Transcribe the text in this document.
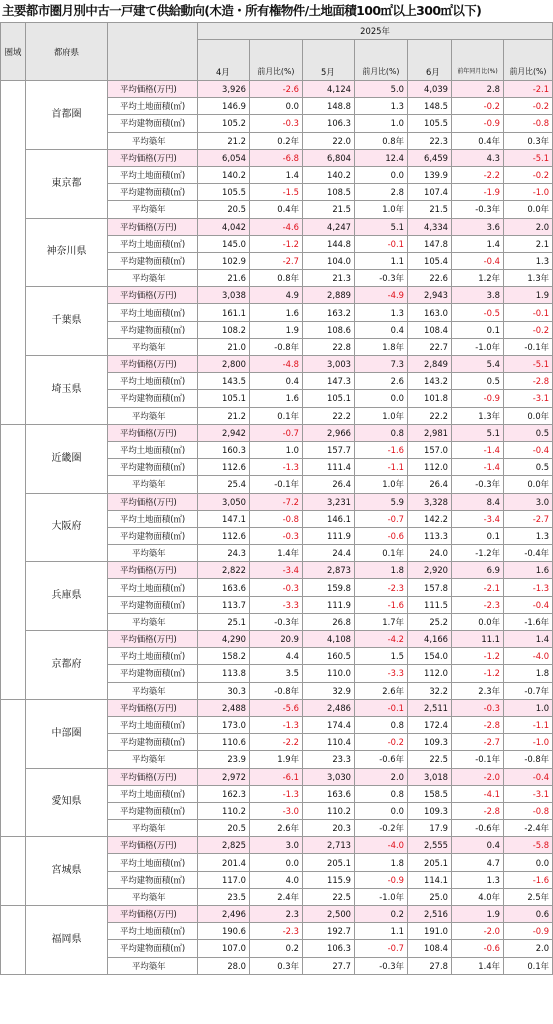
主要都市圏月別中古一戸建て供給動向(木造・所有権物件/土地面積100㎡以上300㎡以下)
圏域	都府県		2025年						
			4月	前月比(%)	5月	前月比(%)	6月	前年同月比(%)	前月比(%)
	首都圏	平均価格(万円)	3,926	-2.6	4,124	5.0	4,039	2.8	-2.1
		平均土地面積(㎡)	146.9	0.0	148.8	1.3	148.5	-0.2	-0.2
		平均建物面積(㎡)	105.2	-0.3	106.3	1.0	105.5	-0.9	-0.8
		平均築年	21.2	0.2年	22.0	0.8年	22.3	0.4年	0.3年
	東京都	平均価格(万円)	6,054	-6.8	6,804	12.4	6,459	4.3	-5.1
		平均土地面積(㎡)	140.2	1.4	140.2	0.0	139.9	-2.2	-0.2
		平均建物面積(㎡)	105.5	-1.5	108.5	2.8	107.4	-1.9	-1.0
		平均築年	20.5	0.4年	21.5	1.0年	21.5	-0.3年	0.0年
	神奈川県	平均価格(万円)	4,042	-4.6	4,247	5.1	4,334	3.6	2.0
		平均土地面積(㎡)	145.0	-1.2	144.8	-0.1	147.8	1.4	2.1
		平均建物面積(㎡)	102.9	-2.7	104.0	1.1	105.4	-0.4	1.3
		平均築年	21.6	0.8年	21.3	-0.3年	22.6	1.2年	1.3年
	千葉県	平均価格(万円)	3,038	4.9	2,889	-4.9	2,943	3.8	1.9
		平均土地面積(㎡)	161.1	1.6	163.2	1.3	163.0	-0.5	-0.1
		平均建物面積(㎡)	108.2	1.9	108.6	0.4	108.4	0.1	-0.2
		平均築年	21.0	-0.8年	22.8	1.8年	22.7	-1.0年	-0.1年
	埼玉県	平均価格(万円)	2,800	-4.8	3,003	7.3	2,849	5.4	-5.1
		平均土地面積(㎡)	143.5	0.4	147.3	2.6	143.2	0.5	-2.8
		平均建物面積(㎡)	105.1	1.6	105.1	0.0	101.8	-0.9	-3.1
		平均築年	21.2	0.1年	22.2	1.0年	22.2	1.3年	0.0年
	近畿圏	平均価格(万円)	2,942	-0.7	2,966	0.8	2,981	5.1	0.5
		平均土地面積(㎡)	160.3	1.0	157.7	-1.6	157.0	-1.4	-0.4
		平均建物面積(㎡)	112.6	-1.3	111.4	-1.1	112.0	-1.4	0.5
		平均築年	25.4	-0.1年	26.4	1.0年	26.4	-0.3年	0.0年
	大阪府	平均価格(万円)	3,050	-7.2	3,231	5.9	3,328	8.4	3.0
		平均土地面積(㎡)	147.1	-0.8	146.1	-0.7	142.2	-3.4	-2.7
		平均建物面積(㎡)	112.6	-0.3	111.9	-0.6	113.3	0.1	1.3
		平均築年	24.3	1.4年	24.4	0.1年	24.0	-1.2年	-0.4年
	兵庫県	平均価格(万円)	2,822	-3.4	2,873	1.8	2,920	6.9	1.6
		平均土地面積(㎡)	163.6	-0.3	159.8	-2.3	157.8	-2.1	-1.3
		平均建物面積(㎡)	113.7	-3.3	111.9	-1.6	111.5	-2.3	-0.4
		平均築年	25.1	-0.3年	26.8	1.7年	25.2	0.0年	-1.6年
	京都府	平均価格(万円)	4,290	20.9	4,108	-4.2	4,166	11.1	1.4
		平均土地面積(㎡)	158.2	4.4	160.5	1.5	154.0	-1.2	-4.0
		平均建物面積(㎡)	113.8	3.5	110.0	-3.3	112.0	-1.2	1.8
		平均築年	30.3	-0.8年	32.9	2.6年	32.2	2.3年	-0.7年
	中部圏	平均価格(万円)	2,488	-5.6	2,486	-0.1	2,511	-0.3	1.0
		平均土地面積(㎡)	173.0	-1.3	174.4	0.8	172.4	-2.8	-1.1
		平均建物面積(㎡)	110.6	-2.2	110.4	-0.2	109.3	-2.7	-1.0
		平均築年	23.9	1.9年	23.3	-0.6年	22.5	-0.1年	-0.8年
	愛知県	平均価格(万円)	2,972	-6.1	3,030	2.0	3,018	-2.0	-0.4
		平均土地面積(㎡)	162.3	-1.3	163.6	0.8	158.5	-4.1	-3.1
		平均建物面積(㎡)	110.2	-3.0	110.2	0.0	109.3	-2.8	-0.8
		平均築年	20.5	2.6年	20.3	-0.2年	17.9	-0.6年	-2.4年
	宮城県	平均価格(万円)	2,825	3.0	2,713	-4.0	2,555	0.4	-5.8
		平均土地面積(㎡)	201.4	0.0	205.1	1.8	205.1	4.7	0.0
		平均建物面積(㎡)	117.0	4.0	115.9	-0.9	114.1	1.3	-1.6
		平均築年	23.5	2.4年	22.5	-1.0年	25.0	4.0年	2.5年
	福岡県	平均価格(万円)	2,496	2.3	2,500	0.2	2,516	1.9	0.6
		平均土地面積(㎡)	190.6	-2.3	192.7	1.1	191.0	-2.0	-0.9
		平均建物面積(㎡)	107.0	0.2	106.3	-0.7	108.4	-0.6	2.0
		平均築年	28.0	0.3年	27.7	-0.3年	27.8	1.4年	0.1年
